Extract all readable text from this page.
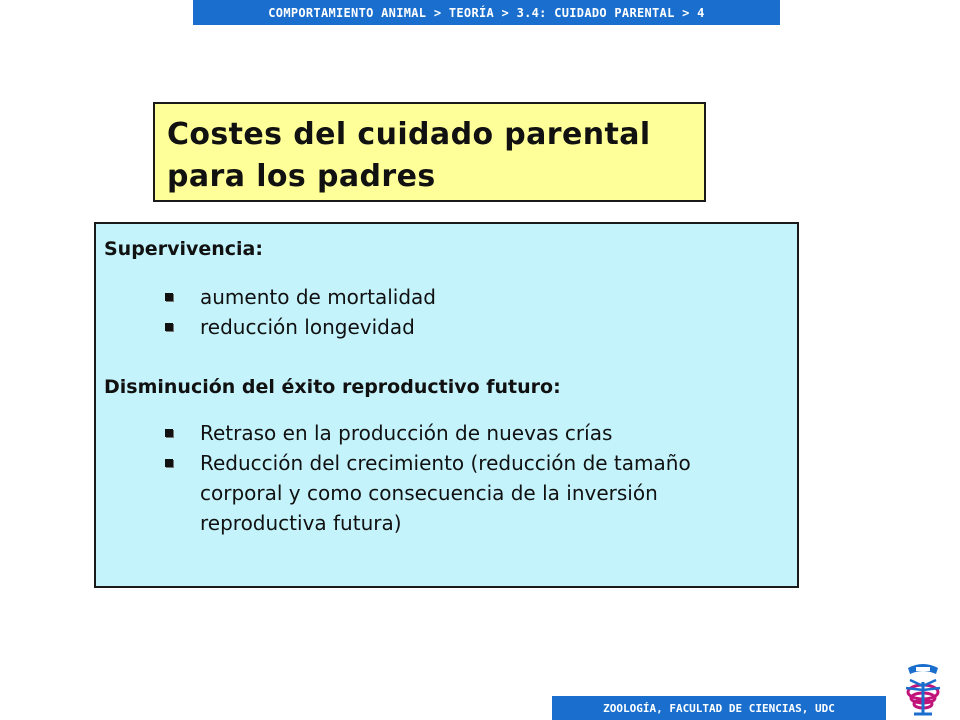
COMPORTAMIENTO ANIMAL > TEORÍA > 3.4: CUIDADO PARENTAL > 4
Costes del cuidado parental
para los padres

Supervivencia:

aumento de mortalidad
reducción longevidad

Disminución del éxito reproductivo futuro:

Retraso en la producción de nuevas crías
Reducción del crecimiento (reducción de tamaño corporal y como consecuencia de la inversión reproductiva futura)
ZOOLOGÍA, FACULTAD DE CIENCIAS, UDC
